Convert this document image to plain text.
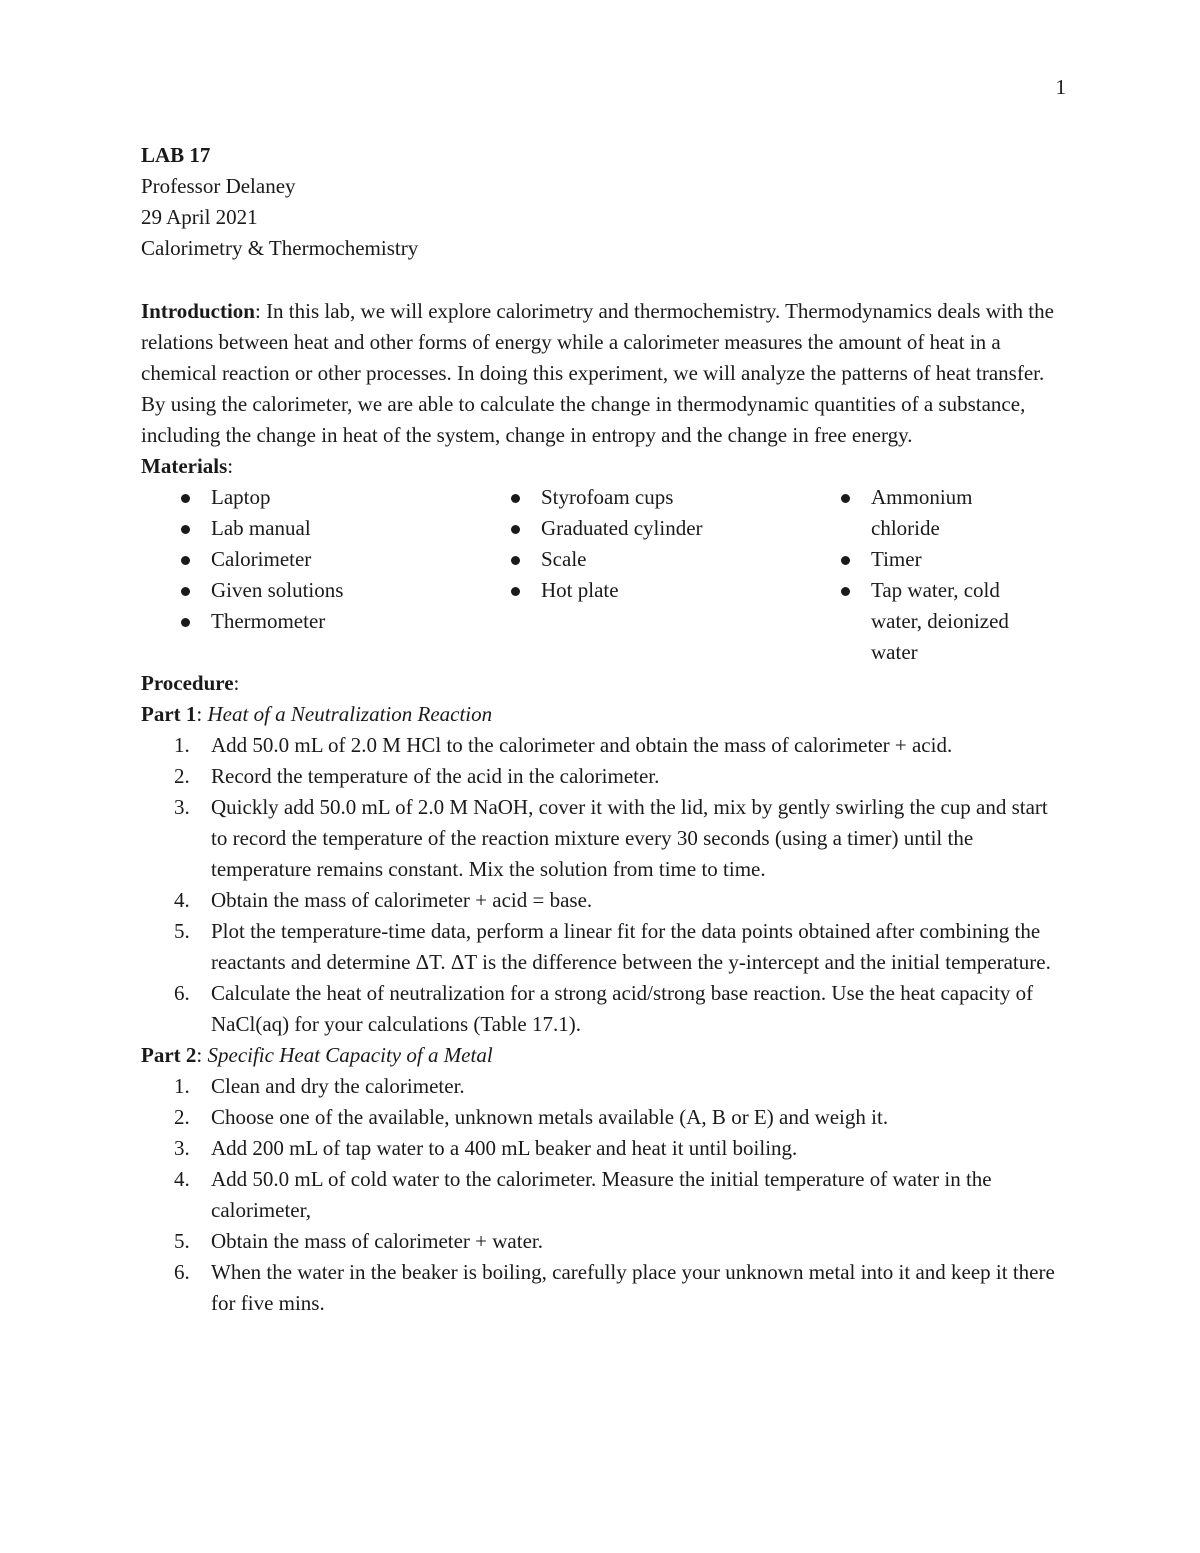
1
LAB 17
Professor Delaney
29 April 2021
Calorimetry & Thermochemistry

Introduction: In this lab, we will explore calorimetry and thermochemistry. Thermodynamics deals with the relations between heat and other forms of energy while a calorimeter measures the amount of heat in a chemical reaction or other processes. In doing this experiment, we will analyze the patterns of heat transfer. By using the calorimeter, we are able to calculate the change in thermodynamic quantities of a substance, including the change in heat of the system, change in entropy and the change in free energy.

Materials:
Laptop
Lab manual
Calorimeter
Given solutions
Thermometer
Styrofoam cups
Graduated cylinder
Scale
Hot plate
Ammonium chloride
Timer
Tap water, cold water, deionized water
Procedure:
Part 1: Heat of a Neutralization Reaction
1. Add 50.0 mL of 2.0 M HCl to the calorimeter and obtain the mass of calorimeter + acid.
2. Record the temperature of the acid in the calorimeter.
3. Quickly add 50.0 mL of 2.0 M NaOH, cover it with the lid, mix by gently swirling the cup and start to record the temperature of the reaction mixture every 30 seconds (using a timer) until the temperature remains constant. Mix the solution from time to time.
4. Obtain the mass of calorimeter + acid = base.
5. Plot the temperature-time data, perform a linear fit for the data points obtained after combining the reactants and determine ΔT. ΔT is the difference between the y-intercept and the initial temperature.
6. Calculate the heat of neutralization for a strong acid/strong base reaction. Use the heat capacity of NaCl(aq) for your calculations (Table 17.1).
Part 2: Specific Heat Capacity of a Metal
1. Clean and dry the calorimeter.
2. Choose one of the available, unknown metals available (A, B or E) and weigh it.
3. Add 200 mL of tap water to a 400 mL beaker and heat it until boiling.
4. Add 50.0 mL of cold water to the calorimeter. Measure the initial temperature of water in the calorimeter,
5. Obtain the mass of calorimeter + water.
6. When the water in the beaker is boiling, carefully place your unknown metal into it and keep it there for five mins.
